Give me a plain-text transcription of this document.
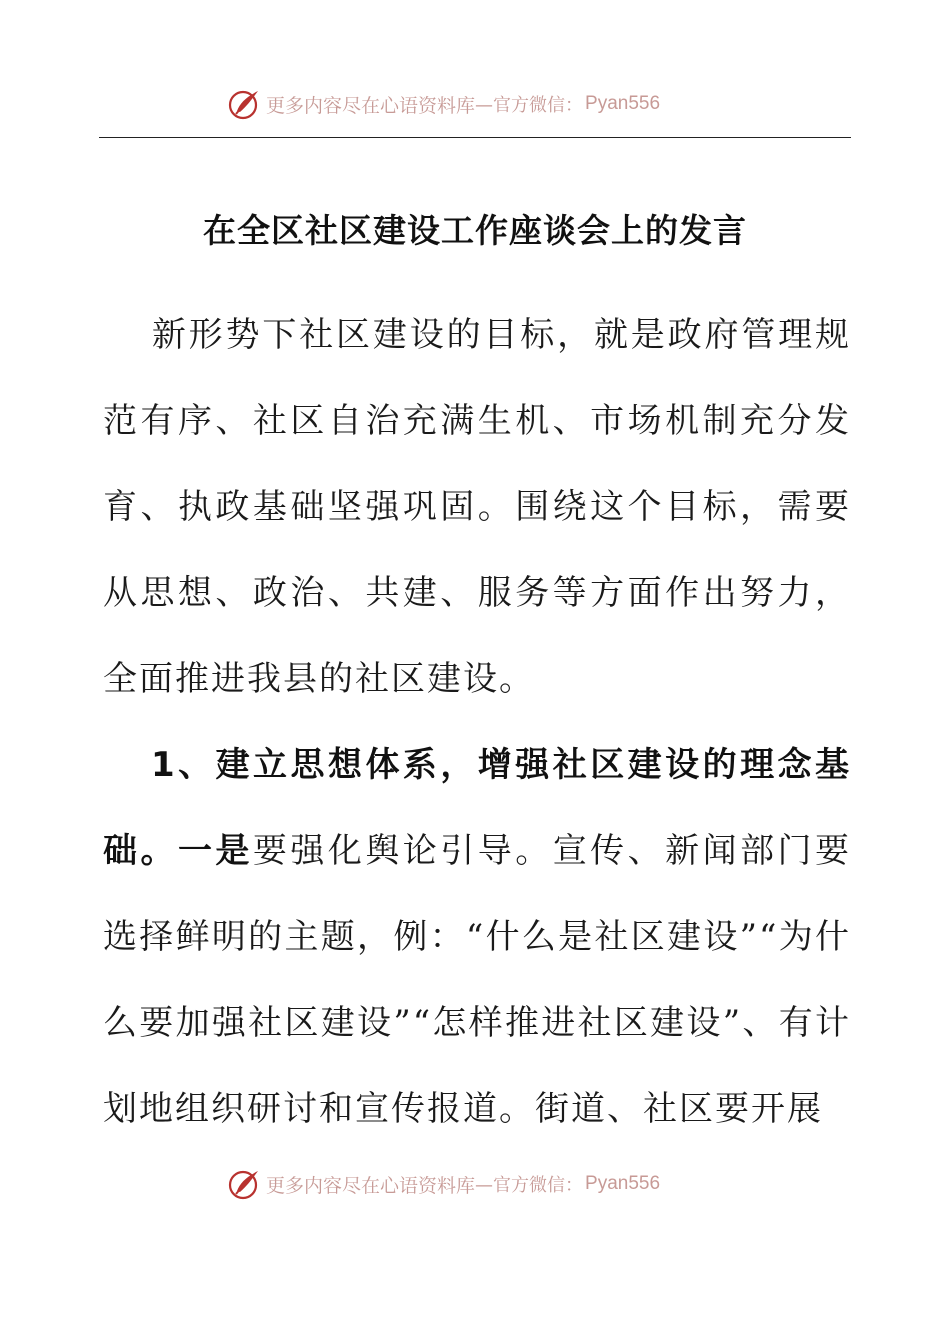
更多内容尽在心语资料库 —官方微信： Pyan556
在全区社区建设工作座谈会上的发言
新形势下社区建设的目标，就是政府管理规范有序、社区自治充满生机、市场机制充分发育、执政基础坚强巩固。围绕这个目标，需要从思想、政治、共建、服务等方面作出努力，全面推进我县的社区建设。
1、建立思想体系，增强社区建设的理念基础。一是要强化舆论引导。宣传、新闻部门要选择鲜明的主题，例：“什么是社区建设”“为什么要加强社区建设”“怎样推进社区建设”、有计划地组织研讨和宣传报道。街道、社区要开展
更多内容尽在心语资料库 —官方微信： Pyan556
